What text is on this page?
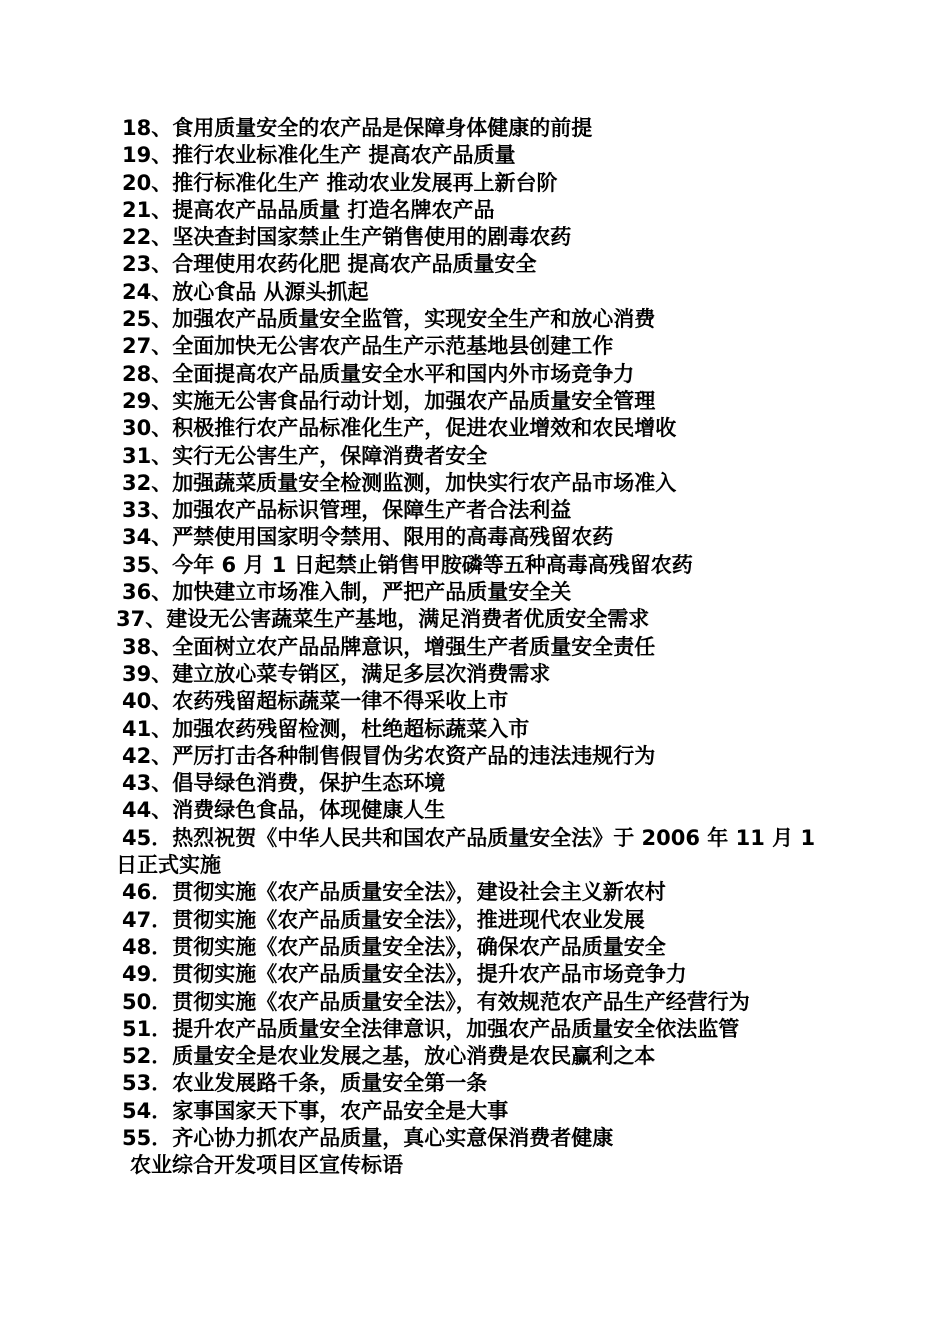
18、食用质量安全的农产品是保障身体健康的前提
19、推行农业标准化生产 提高农产品质量
20、推行标准化生产 推动农业发展再上新台阶
21、提高农产品品质量 打造名牌农产品
22、坚决查封国家禁止生产销售使用的剧毒农药
23、合理使用农药化肥 提高农产品质量安全
24、放心食品 从源头抓起
25、加强农产品质量安全监管，实现安全生产和放心消费
27、全面加快无公害农产品生产示范基地县创建工作
28、全面提高农产品质量安全水平和国内外市场竞争力
29、实施无公害食品行动计划，加强农产品质量安全管理
30、积极推行农产品标准化生产，促进农业增效和农民增收
31、实行无公害生产，保障消费者安全
32、加强蔬菜质量安全检测监测，加快实行农产品市场准入
33、加强农产品标识管理，保障生产者合法利益
34、严禁使用国家明令禁用、限用的高毒高残留农药
35、今年 6 月 1 日起禁止销售甲胺磷等五种高毒高残留农药
36、加快建立市场准入制，严把产品质量安全关
37、建设无公害蔬菜生产基地，满足消费者优质安全需求
38、全面树立农产品品牌意识，增强生产者质量安全责任
39、建立放心菜专销区，满足多层次消费需求
40、农药残留超标蔬菜一律不得采收上市
41、加强农药残留检测，杜绝超标蔬菜入市
42、严厉打击各种制售假冒伪劣农资产品的违法违规行为
43、倡导绿色消费，保护生态环境
44、消费绿色食品，体现健康人生
45．热烈祝贺《中华人民共和国农产品质量安全法》于 2006 年 11 月 1 日正式实施
46．贯彻实施《农产品质量安全法》，建设社会主义新农村
47．贯彻实施《农产品质量安全法》，推进现代农业发展
48．贯彻实施《农产品质量安全法》，确保农产品质量安全
49．贯彻实施《农产品质量安全法》，提升农产品市场竞争力
50．贯彻实施《农产品质量安全法》，有效规范农产品生产经营行为
51．提升农产品质量安全法律意识，加强农产品质量安全依法监管
52．质量安全是农业发展之基，放心消费是农民赢利之本
53．农业发展路千条，质量安全第一条
54．家事国家天下事，农产品安全是大事
55．齐心协力抓农产品质量，真心实意保消费者健康
农业综合开发项目区宣传标语
